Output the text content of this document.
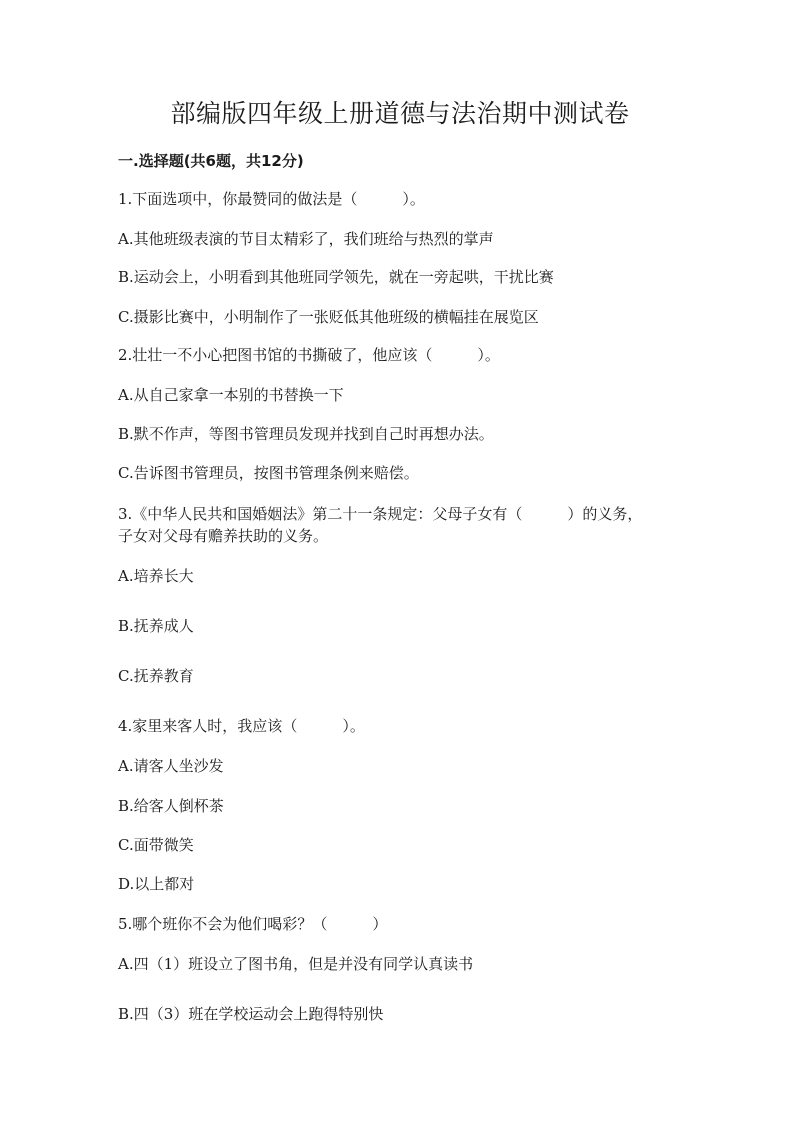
部编版四年级上册道德与法治期中测试卷
一.选择题(共6题，共12分)
1.下面选项中，你最赞同的做法是（　　　）。
A.其他班级表演的节目太精彩了，我们班给与热烈的掌声
B.运动会上，小明看到其他班同学领先，就在一旁起哄，干扰比赛
C.摄影比赛中，小明制作了一张贬低其他班级的横幅挂在展览区
2.壮壮一不小心把图书馆的书撕破了，他应该（　　　）。
A.从自己家拿一本别的书替换一下
B.默不作声，等图书管理员发现并找到自己时再想办法。
C.告诉图书管理员，按图书管理条例来赔偿。
3.《中华人民共和国婚姻法》第二十一条规定：父母子女有（　　　）的义务，
子女对父母有赡养扶助的义务。
A.培养长大
B.抚养成人
C.抚养教育
4.家里来客人时，我应该（　　　）。
A.请客人坐沙发
B.给客人倒杯茶
C.面带微笑
D.以上都对
5.哪个班你不会为他们喝彩？（　　　）
A.四（1）班设立了图书角，但是并没有同学认真读书
B.四（3）班在学校运动会上跑得特别快
